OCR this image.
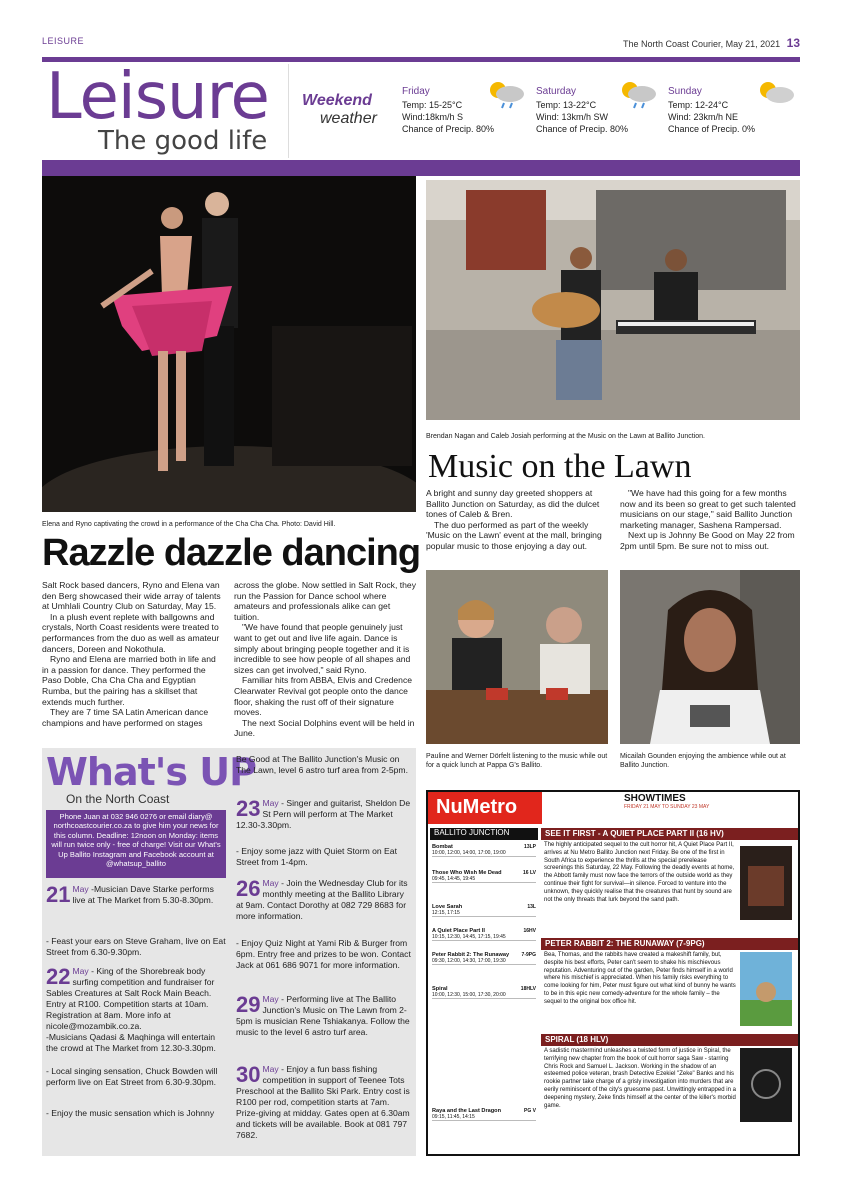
LEISURE	The North Coast Courier, May 21, 2021 13
Leisure
The good life
Weekend
weather
Friday
Temp: 15-25°C
Wind:18km/h S
Chance of Precip. 80%
Saturday
Temp: 13-22°C
Wind: 13km/h SW
Chance of Precip. 80%
Sunday
Temp: 12-24°C
Wind: 23km/h NE
Chance of Precip. 0%
Elena and Ryno captivating the crowd in a performance of the Cha Cha Cha. Photo: David Hill.
Razzle dazzle dancing

Salt Rock based dancers, Ryno and Elena van den Berg showcased their wide array of talents at Umhlali Country Club on Saturday, May 15.

In a plush event replete with ballgowns and crystals, North Coast residents were treated to performances from the duo as well as amateur dancers, Doreen and Nokothula.

Ryno and Elena are married both in life and in a passion for dance. They performed the Paso Doble, Cha Cha Cha and Egyptian Rumba, but the pairing has a skillset that extends much further.

They are 7 time SA Latin American dance champions and have performed on stages

across the globe. Now settled in Salt Rock, they run the Passion for Dance school where amateurs and professionals alike can get tuition.

"We have found that people genuinely just want to get out and live life again. Dance is simply about bringing people together and it is incredible to see how people of all shapes and sizes can get involved," said Ryno.

Familiar hits from ABBA, Elvis and Credence Clearwater Revival got people onto the dance floor, shaking the rust off of their signature moves.

The next Social Dolphins event will be held in June.

Brendan Nagan and Caleb Josiah performing at the Music on the Lawn at Ballito Junction.
Music on the Lawn

A bright and sunny day greeted shoppers at Ballito Junction on Saturday, as did the dulcet tones of Caleb & Bren.

The duo performed as part of the weekly 'Music on the Lawn' event at the mall, bringing popular music to those enjoying a day out.

"We have had this going for a few months now and its been so great to get such talented musicians on our stage," said Ballito Junction marketing manager, Sashena Rampersad.

Next up is Johnny Be Good on May 22 from 2pm until 5pm. Be sure not to miss out.

Pauline and Werner Dörfelt listening to the music while out for a quick lunch at Pappa G's Ballito.
Micailah Gounden enjoying the ambience while out at Ballito Junction.
What's UP
On the North Coast
Phone Juan at 032 946 0276 or email diary@ northcoastcourier.co.za to give him your news for this column. Deadline: 12noon on Monday: items will run twice only - free of charge! Visit our What's Up Ballito Instagram and Facebook account at @whatsup_ballito
21 May -Musician Dave Starke performs live at The Market from 5.30-8.30pm.
- Feast your ears on Steve Graham, live on Eat Street from 6.30-9.30pm.
22 May - King of the Shorebreak body surfing competition and fundraiser for Sables Creatures at Salt Rock Main Beach. Entry at R100. Competition starts at 10am. Registration at 8am. More info at nicole@mozambik.co.za.
-Musicians Qadasi & Maqhinga will entertain the crowd at The Market from 12.30-3.30pm.
- Local singing sensation, Chuck Bowden will perform live on Eat Street from 6.30-9.30pm.
- Enjoy the music sensation which is Johnny
Be Good at The Ballito Junction's Music on The Lawn, level 6 astro turf area from 2-5pm.
23 May - Singer and guitarist, Sheldon De St Pern will perform at The Market 12.30-3.30pm.
- Enjoy some jazz with Quiet Storm on Eat Street from 1-4pm.
26 May - Join the Wednesday Club for its monthly meeting at the Ballito Library at 9am. Contact Dorothy at 082 729 8683 for more information.
- Enjoy Quiz Night at Yami Rib & Burger from 6pm. Entry free and prizes to be won. Contact Jack at 061 686 9071 for more information.
29 May - Performing live at The Ballito Junction's Music on The Lawn from 2-5pm is musician Rene Tshiakanya. Follow the music to the level 6 astro turf area.
30 May - Enjoy a fun bass fishing competition in support of Teenee Tots Preschool at the Ballito Ski Park. Entry cost is R100 per rod, competition starts at 7am. Prize-giving at midday. Gates open at 6.30am and tickets will be available. Book at 081 797 7682.
NuMetro	SHOWTIMES
FRIDAY 21 MAY TO SUNDAY 23 MAY
BALLITO JUNCTION
Bombat	13LP

10:00, 12:00, 14:00, 17:00, 19:00
Those Who Wish Me Dead	16 LV

09:45, 14:45, 19:45
Love Sarah	13L

12:15, 17:15
A Quiet Place Part II	16HV

10:15, 12:30, 14:45, 17:15, 19:45
Peter Rabbit 2: The Runaway 7-9PG

09:30, 12:00, 14:30, 17:00, 19:30
Spiral	18HLV

10:00, 12:30, 15:00, 17:30, 20:00
Raya and the Last Dragon	PG V

09:15, 11:45, 14:15
SEE IT FIRST - A QUIET PLACE PART II (16 HV)
The highly anticipated sequel to the cult horror hit, A Quiet Place Part II, arrives at Nu Metro Ballito Junction next Friday. Be one of the first in South Africa to experience the thrills at the special prerelease screenings this Saturday, 22 May. Following the deadly events at home, the Abbott family must now face the terrors of the outside world as they continue their fight for survival—in silence. Forced to venture into the unknown, they quickly realise that the creatures that hunt by sound are not the only threats that lurk beyond the sand path.
PETER RABBIT 2: THE RUNAWAY (7-9PG)
Bea, Thomas, and the rabbits have created a makeshift family, but, despite his best efforts, Peter can't seem to shake his mischievous reputation. Adventuring out of the garden, Peter finds himself in a world where his mischief is appreciated. When his family risks everything to come looking for him, Peter must figure out what kind of bunny he wants to be in this epic new comedy-adventure for the whole family – the sequel to the original box office hit.
SPIRAL (18 HLV)
A sadistic mastermind unleashes a twisted form of justice in Spiral, the terrifying new chapter from the book of cult horror saga Saw - starring Chris Rock and Samuel L. Jackson. Working in the shadow of an esteemed police veteran, brash Detective Ezekiel "Zeke" Banks and his rookie partner take charge of a grisly investigation into murders that are eerily reminiscent of the city's gruesome past. Unwittingly entrapped in a deepening mystery, Zeke finds himself at the center of the killer's morbid game.
